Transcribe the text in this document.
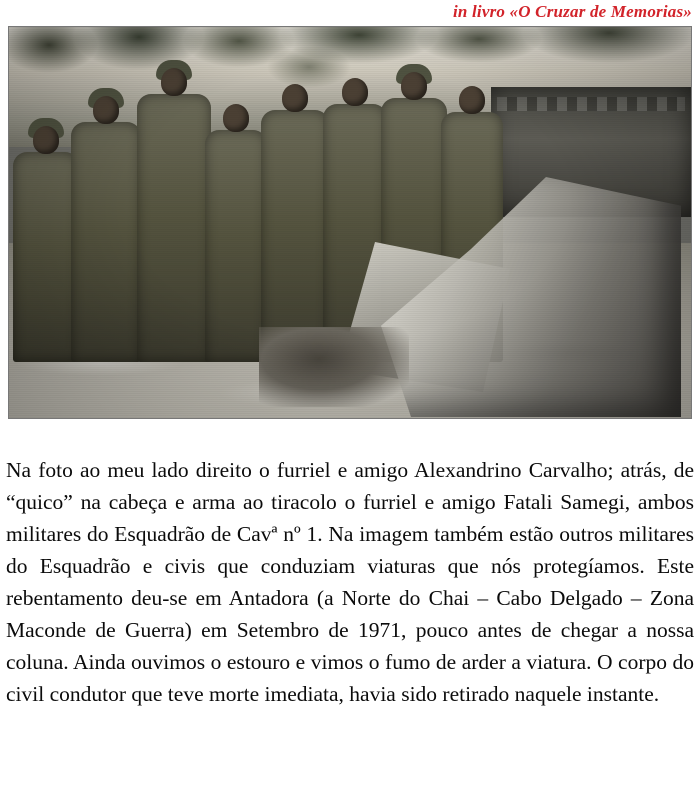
in livro «O Cruzar de Memorias»

Na foto ao meu lado direito o furriel e amigo Alexandrino Carvalho; atrás, de “quico” na cabeça e arma ao tiracolo o furriel e amigo Fatali Samegi, ambos militares do Esquadrão de Cavª nº 1. Na imagem também estão outros militares do Esquadrão e civis que conduziam viaturas que nós protegíamos. Este rebentamento deu-se em Antadora (a Norte do Chai – Cabo Delgado – Zona Maconde de Guerra) em Setembro de 1971, pouco antes de chegar a nossa coluna. Ainda ouvimos o estouro e vimos o fumo de arder a viatura. O corpo do civil condutor que teve morte imediata, havia sido retirado naquele instante.
